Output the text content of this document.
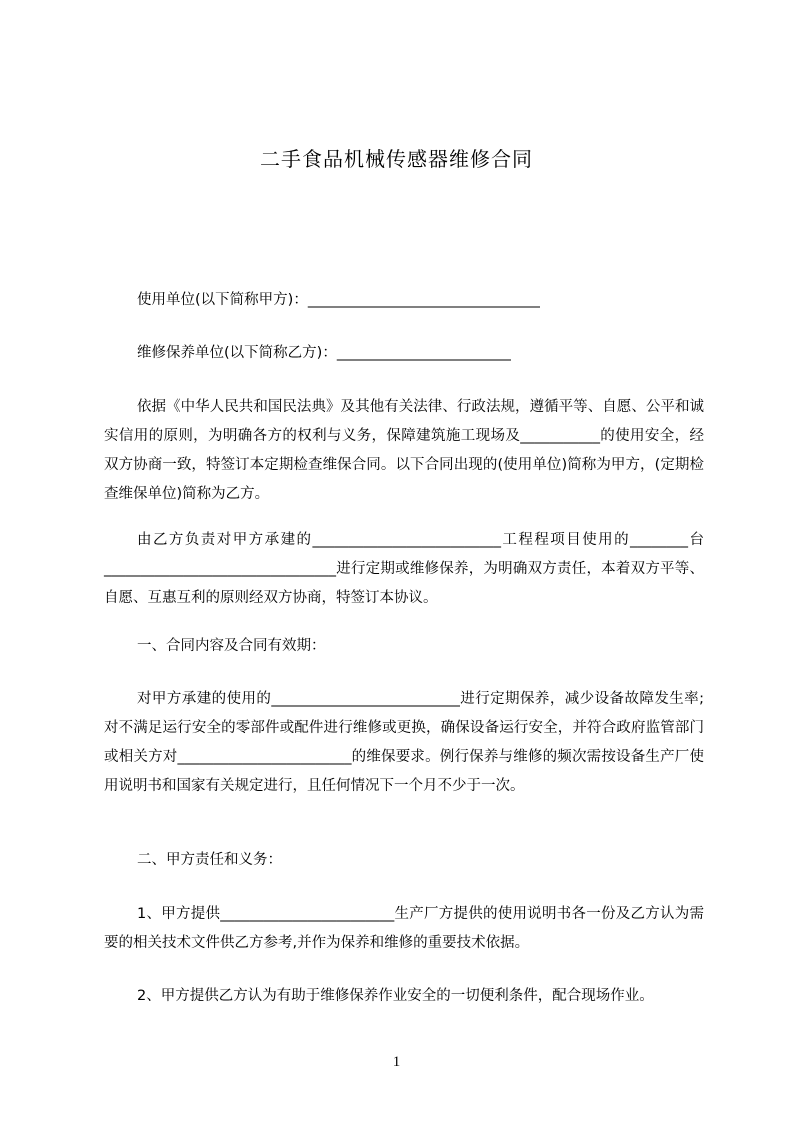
二手食品机械传感器维修合同
使用单位(以下简称甲方)：________________________________
维修保养单位(以下简称乙方)：________________________
依据《中华人民共和国民法典》及其他有关法律、行政法规，遵循平等、自愿、公平和诚实信用的原则，为明确各方的权利与义务，保障建筑施工现场及___________的使用安全，经双方协商一致，特签订本定期检查维保合同。以下合同出现的(使用单位)简称为甲方，(定期检查维保单位)简称为乙方。
由乙方负责对甲方承建的__________________________工程程项目使用的________台________________________________进行定期或维修保养，为明确双方责任，本着双方平等、自愿、互惠互利的原则经双方协商，特签订本协议。
一、合同内容及合同有效期：
对甲方承建的使用的__________________________进行定期保养，减少设备故障发生率;对不满足运行安全的零部件或配件进行维修或更换，确保设备运行安全，并符合政府监管部门或相关方对________________________的维保要求。例行保养与维修的频次需按设备生产厂使用说明书和国家有关规定进行，且任何情况下一个月不少于一次。
二、甲方责任和义务：
1、甲方提供________________________生产厂方提供的使用说明书各一份及乙方认为需要的相关技术文件供乙方参考,并作为保养和维修的重要技术依据。
2、甲方提供乙方认为有助于维修保养作业安全的一切便利条件，配合现场作业。
1
